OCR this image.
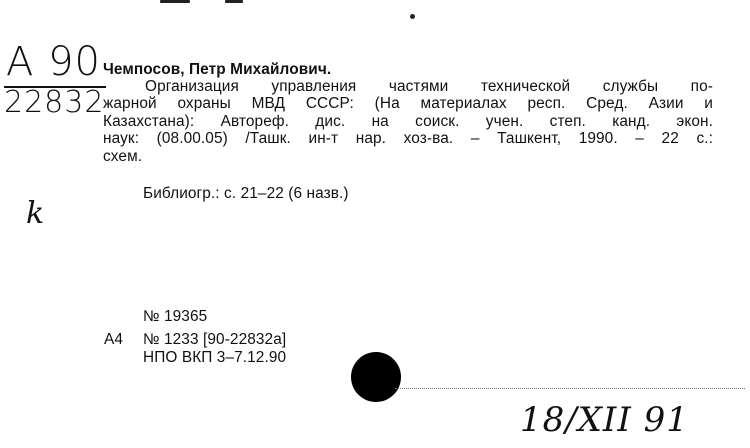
A 90
22832
k
Чемпосов, Петр Михайлович.
Организация управления частями технической службы по-
жарной охраны МВД СССР: (На материалах респ. Сред. Азии и
Казахстана): Автореф. дис. на соиск. учен. степ. канд. экон.
наук: (08.00.05) /Ташк. ин-т нар. хоз-ва. – Ташкент, 1990. – 22 с.:
схем.
Библиогр.: с. 21–22 (6 назв.)
№ 19365
А4 № 1233 [90-22832а]
НПО ВКП 3–7.12.90
18/XII 91
